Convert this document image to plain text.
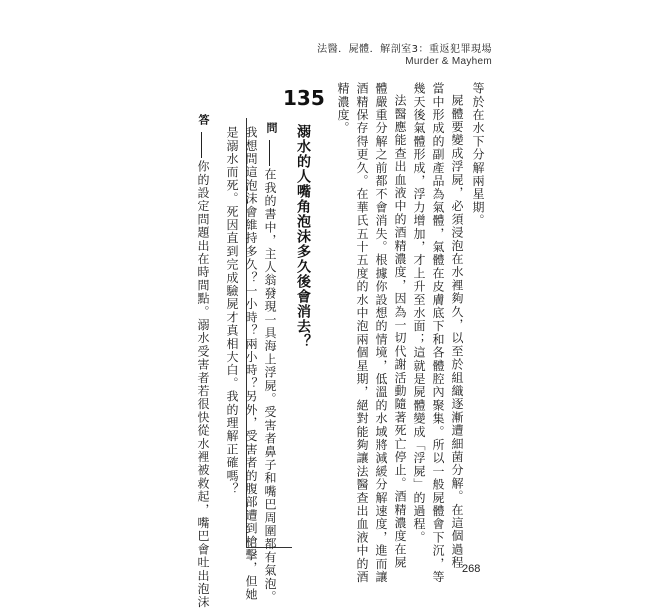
法醫．屍體．解剖室3：重返犯罪現場
Murder & Mayhem
等於在水下分解兩星期。
屍體要變成浮屍，必須浸泡在水裡夠久，以至於組織逐漸遭細菌分解。在這個過程
當中形成的副產品為氣體，氣體在皮膚底下和各體腔內聚集。所以一般屍體會下沉，等
幾天後氣體形成，浮力增加，才上升至水面；這就是屍體變成「浮屍」的過程。
法醫應能查出血液中的酒精濃度，因為一切代謝活動隨著死亡停止。酒精濃度在屍
體嚴重分解之前都不會消失。根據你設想的情境，低溫的水域將減緩分解速度，進而讓
酒精保存得更久。在華氏五十五度的水中泡兩個星期，絕對能夠讓法醫查出血液中的酒
精濃度。
135
溺水的人嘴角泡沫多久後會消去？
問
在我的書中，主人翁發現一具海上浮屍。受害者鼻子和嘴巴周圍都有氣泡。
我想問這泡沫會維持多久？一小時？兩小時？另外，受害者的腹部遭到槍擊，但她
是溺水而死。死因直到完成驗屍才真相大白。我的理解正確嗎？
答
你的設定問題出在時間點。溺水受害者若很快從水裡被救起，嘴巴會吐出泡沫	268
